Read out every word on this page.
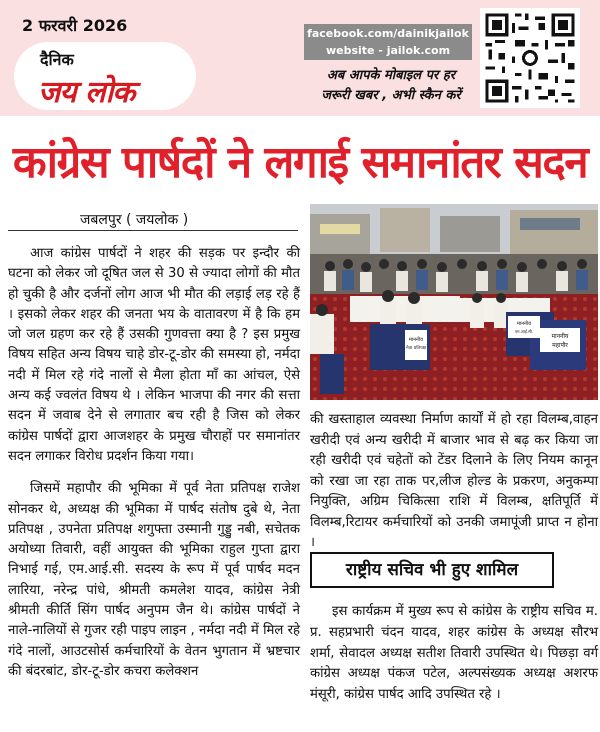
2 फरवरी 2026
दैनिक
जय लोक
facebook.com/dainikjailok
website - jailok.com
अब आपके मोबाइल पर हर
जरूरी खबर , अभी स्कैन करें
कांग्रेस पार्षदों ने लगाई समानांतर सदन
जबलपुर ( जयलोक )

आज कांग्रेस पार्षदों ने शहर की सड़क पर इन्दौर की घटना को लेकर जो दूषित जल से 30 से ज्यादा लोगों की मौत हो चुकी है और दर्जनों लोग आज भी मौत की लड़ाई लड़ रहे हैं । इसको लेकर शहर की जनता भय के वातावरण में है कि हम जो जल ग्रहण कर रहे हैं उसकी गुणवत्ता क्या है ? इस प्रमुख विषय सहित अन्य विषय चाहे डोर-टू-डोर की समस्या हो, नर्मदा नदी में मिल रहे गंदे नालों से मैला होता माँ का आंचल, ऐसे अन्य कई ज्वलंत विषय थे । लेकिन भाजपा की नगर की सत्ता सदन में जवाब देने से लगातार बच रही है जिस को लेकर कांग्रेस पार्षदों द्वारा आजशहर के प्रमुख चौराहों पर समानांतर सदन लगाकर विरोध प्रदर्शन किया गया।

जिसमें महापौर की भूमिका में पूर्व नेता प्रतिपक्ष राजेश सोनकर थे, अध्यक्ष की भूमिका में पार्षद संतोष दुबे थे, नेता प्रतिपक्ष , उपनेता प्रतिपक्ष शगुफ्ता उस्मानी गुड्डु नबी, सचेतक अयोध्या तिवारी, वहीं आयुक्त की भूमिका राहुल गुप्ता द्वारा निभाई गई, एम.आई.सी. सदस्य के रूप में पूर्व पार्षद मदन लारिया, नरेन्द्र पांधे, श्रीमती कमलेश यादव, कांग्रेस नेत्री श्रीमती कीर्ति सिंग पार्षद अनुपम जैन थे। कांग्रेस पार्षदों ने नाले-नालियों से गुजर रही पाइप लाइन , नर्मदा नदी में मिल रहे गंदे नालों, आउटसोर्स कर्मचारियों के वेतन भुगतान में भ्रष्टचार की बंदरबांट, डोर-टू-डोर कचरा कलेक्शन

माननीय
नेता प्रतिपक्ष
माननीय
एम.आई.सी.
माननीय
महापौर
की खस्ताहाल व्यवस्था निर्माण कार्यों में हो रहा विलम्ब,वाहन खरीदी एवं अन्य खरीदी में बाजार भाव से बढ़ कर किया जा रही खरीदी एवं चहेतों को टेंडर दिलाने के लिए नियम कानून को रखा जा रहा ताक पर,लीज होल्ड के प्रकरण, अनुकम्पा नियुक्ति, अग्रिम चिकित्सा राशि में विलम्ब, क्षतिपूर्ति में विलम्ब,रिटायर कर्मचारियों को उनकी जमापूंजी प्राप्त न होना ।
राष्ट्रीय सचिव भी हुए शामिल

इस कार्यक्रम में मुख्य रूप से कांग्रेस के राष्ट्रीय सचिव म. प्र. सहप्रभारी चंदन यादव, शहर कांग्रेस के अध्यक्ष सौरभ शर्मा, सेवादल अध्यक्ष सतीश तिवारी उपस्थित थे। पिछड़ा वर्ग कांग्रेस अध्यक्ष पंकज पटेल, अल्पसंख्यक अध्यक्ष अशरफ मंसूरी, कांग्रेस पार्षद आदि उपस्थित रहे ।
